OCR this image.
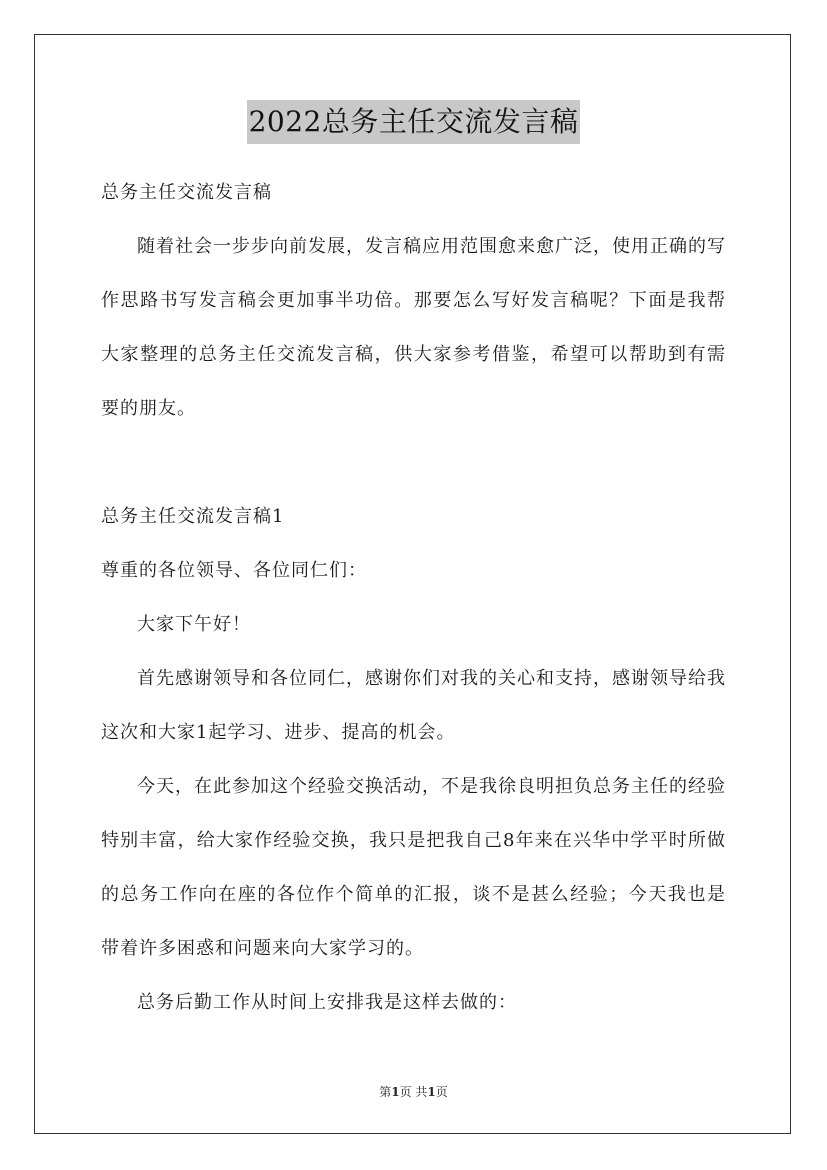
2022总务主任交流发言稿

总务主任交流发言稿

随着社会一步步向前发展，发言稿应用范围愈来愈广泛，使用正确的写作思路书写发言稿会更加事半功倍。那要怎么写好发言稿呢？下面是我帮大家整理的总务主任交流发言稿，供大家参考借鉴，希望可以帮助到有需要的朋友。

总务主任交流发言稿1

尊重的各位领导、各位同仁们：

大家下午好！

首先感谢领导和各位同仁，感谢你们对我的关心和支持，感谢领导给我这次和大家1起学习、进步、提高的机会。

今天，在此参加这个经验交换活动，不是我徐良明担负总务主任的经验特别丰富，给大家作经验交换，我只是把我自己8年来在兴华中学平时所做的总务工作向在座的各位作个简单的汇报，谈不是甚么经验；今天我也是带着许多困惑和问题来向大家学习的。

总务后勤工作从时间上安排我是这样去做的：

第1页 共1页
